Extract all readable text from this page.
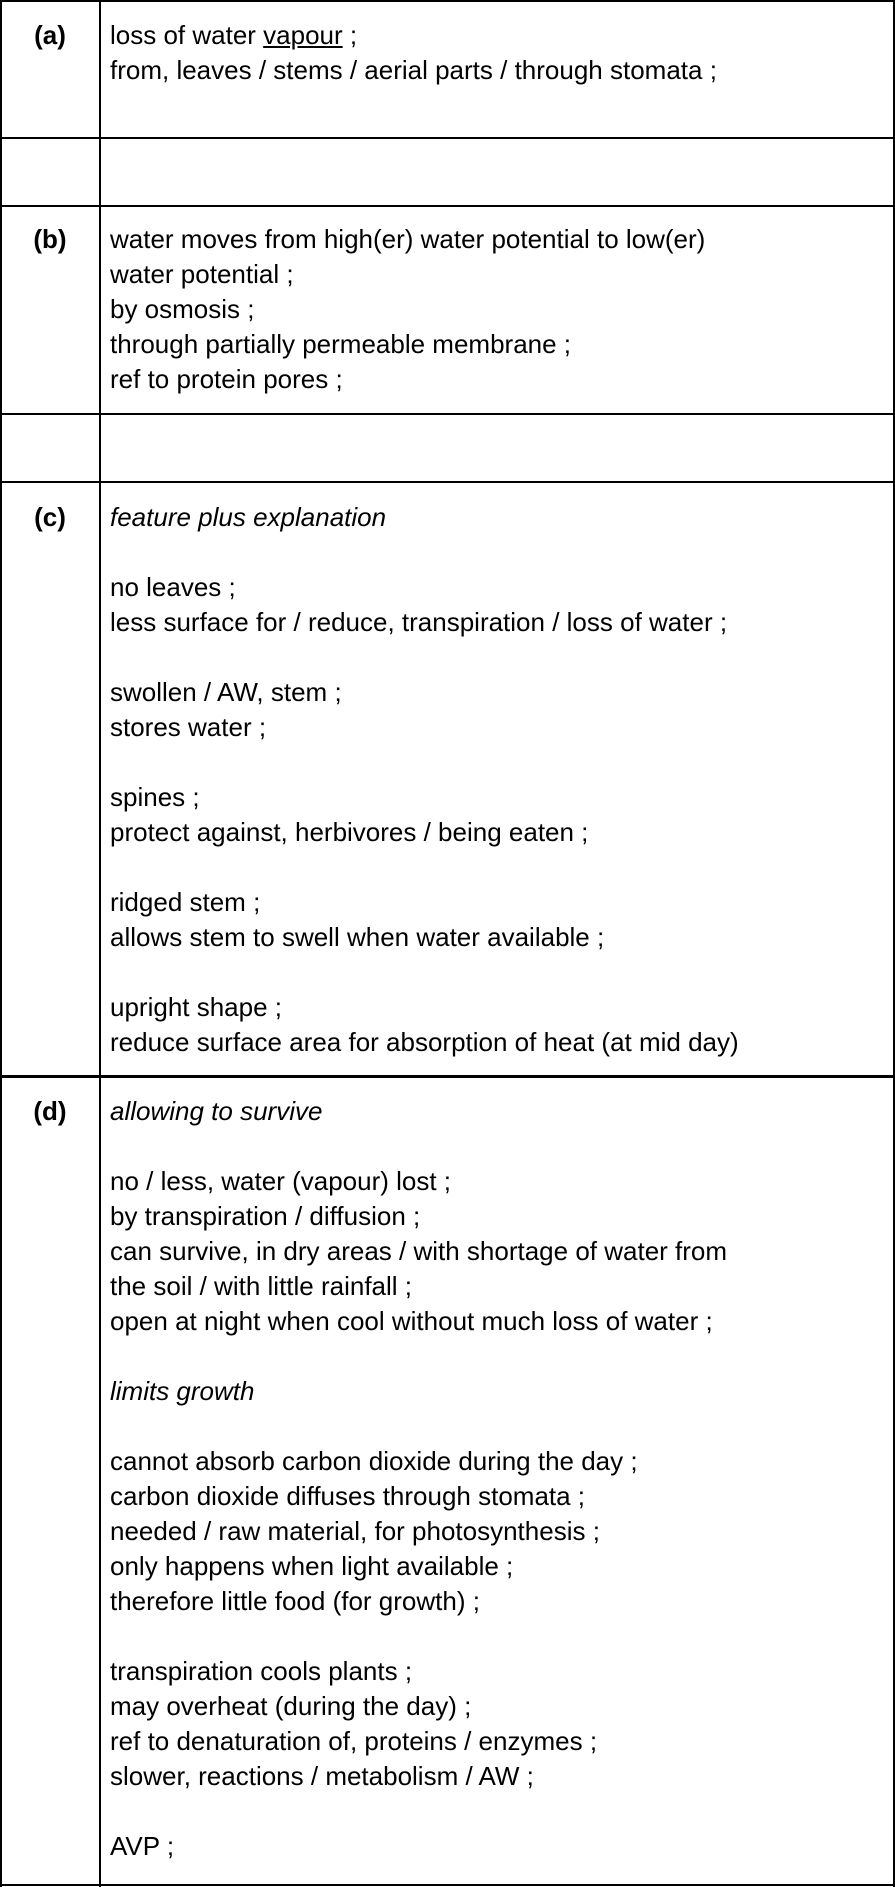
(a)	loss of water vapour ;
from, leaves / stems / aerial parts / through stomata ;
(b)	water moves from high(er) water potential to low(er)
water potential ;
by osmosis ;
through partially permeable membrane ;
ref to protein pores ;
(c)	feature plus explanation
no leaves ;
less surface for / reduce, transpiration / loss of water ;
swollen / AW, stem ;
stores water ;
spines ;
protect against, herbivores / being eaten ;
ridged stem ;
allows stem to swell when water available ;
upright shape ;
reduce surface area for absorption of heat (at mid day)
(d)	allowing to survive
no / less, water (vapour) lost ;
by transpiration / diffusion ;
can survive, in dry areas / with shortage of water from
the soil / with little rainfall ;
open at night when cool without much loss of water ;
limits growth
cannot absorb carbon dioxide during the day ;
carbon dioxide diffuses through stomata ;
needed / raw material, for photosynthesis ;
only happens when light available ;
therefore little food (for growth) ;
transpiration cools plants ;
may overheat (during the day) ;
ref to denaturation of, proteins / enzymes ;
slower, reactions / metabolism / AW ;
AVP ;
